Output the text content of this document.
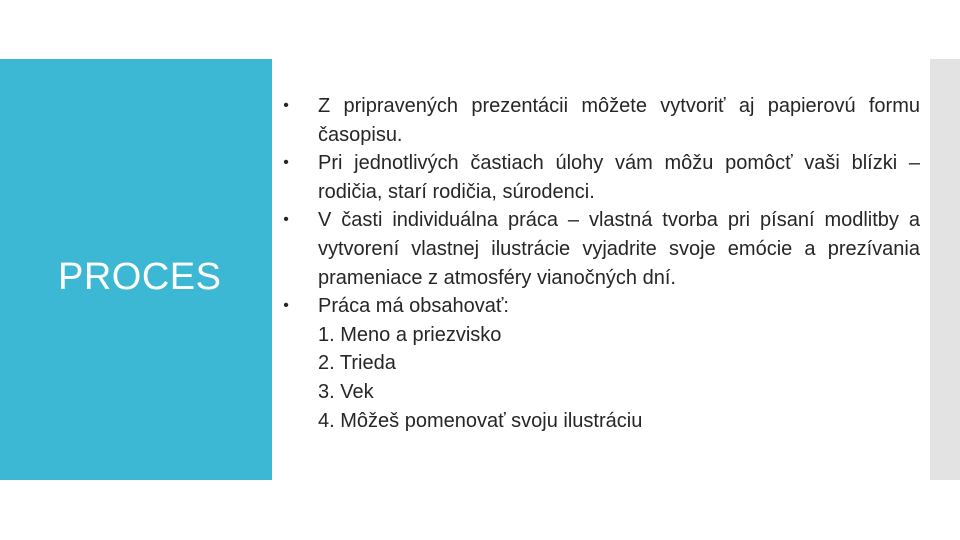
PROCES
• Z pripravených prezentácii môžete vytvoriť aj papierovú formu časopisu.
• Pri jednotlivých častiach úlohy vám môžu pomôcť vaši blízki – rodičia, starí rodičia, súrodenci.
• V časti individuálna práca – vlastná tvorba pri písaní modlitby a vytvorení vlastnej ilustrácie vyjadrite svoje emócie a prezívania prameniace z atmosféry vianočných dní.
• Práca má obsahovať:
1. Meno a priezvisko
2. Trieda
3. Vek
4. Môžeš pomenovať svoju ilustráciu
